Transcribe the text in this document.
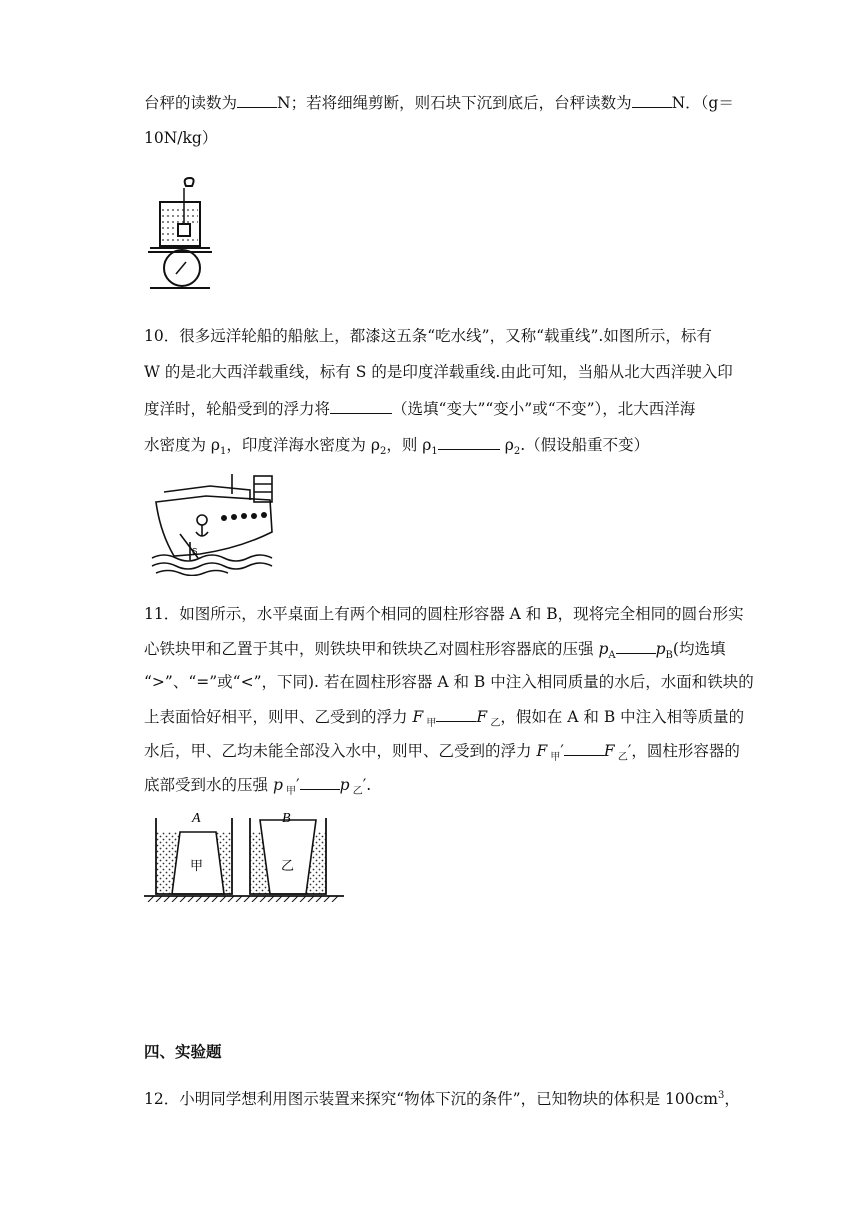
台秤的读数为	N；若将细绳剪断，则石块下沉到底后，台秤读数为	N．（g＝
10N/kg）
10．很多远洋轮船的船舷上，都漆这五条“吃水线”，又称“载重线”.如图所示，标有
W 的是北大西洋载重线，标有 S 的是印度洋载重线.由此可知，当船从北大西洋驶入印
度洋时，轮船受到的浮力将	（选填“变大”“变小”或“不变”），北大西洋海
水密度为 $\rho_1$，印度洋海水密度为 $\rho_2$，则 $\rho_1$	$\rho_2$.（假设船重不变）
S
11．如图所示，水平桌面上有两个相同的圆柱形容器 A 和 B，现将完全相同的圆台形实
心铁块甲和乙置于其中，则铁块甲和铁块乙对圆柱形容器底的压强 $p_A$	$p_B$(均选填
“>”、“=”或“<”，下同). 若在圆柱形容器 A 和 B 中注入相同质量的水后，水面和铁块的
上表面恰好相平，则甲、乙受到的浮力 F $_甲$	F $_乙$，假如在 A 和 B 中注入相等质量的
水后，甲、乙均未能全部没入水中，则甲、乙受到的浮力 F $_甲$′	F $_乙$′，圆柱形容器的
底部受到水的压强 p $_甲$′	p $_乙$′.
A	B
甲	乙
四、实验题
12．小明同学想利用图示装置来探究“物体下沉的条件”，已知物块的体积是 $100cm^3$，
